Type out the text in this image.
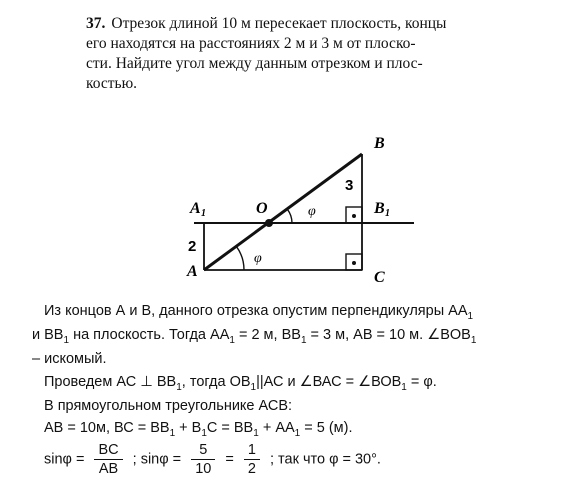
37. Отрезок длиной 10 м пересекает плоскость, концы

его находятся на расстояниях 2 м и 3 м от плоско-

сти. Найдите угол между данным отрезком и плос-

костью.

B
B 1
C
A 1
A
O
2
3
φ
φ
Из концов А и В, данного отрезка опустим перпендикуляры $АА_1$
и $ВВ_1$ на плоскость. Тогда $АА_1 = 2$ м, $ВВ_1 = 3$ м, АВ = 10 м. $\angle BOB_1$
– искомый.
Проведем АС ⊥ $ВВ_1$, тогда $ОВ_1||АС$ и ∠ВАС = $\angle ВОВ_1 = \varphi$.
В прямоугольном треугольнике АСВ:
АВ = 10м, ВС = $ВВ_1 + В_1С = ВВ_1 + АА_1 = 5$ (м).
$\sin\varphi = \frac{BC}{AB}$ ; $\sin\varphi = \frac{5}{10} = \frac{1}{2}$ ; так что φ = 30°.
